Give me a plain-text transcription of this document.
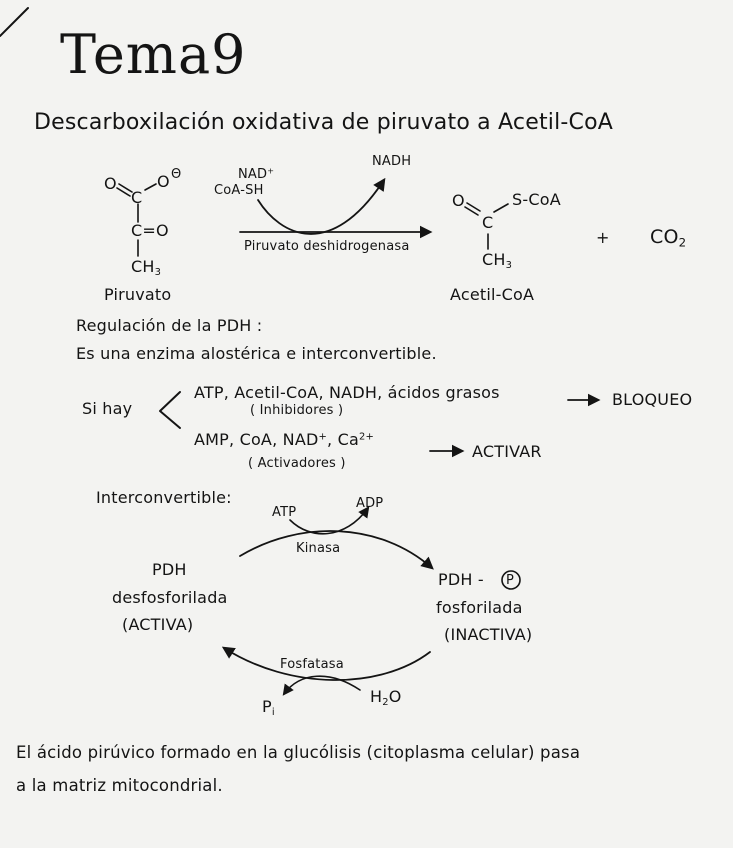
Tema9
Descarboxilación oxidativa de piruvato a Acetil-CoA
O
C
O Θ
C=O
$CH_3$
Piruvato
NAD+
CoA-SH
NADH
Piruvato deshidrogenasa
O
C
S-CoA
$CH_3$
Acetil-CoA
+ $CO_2$
Regulación de la PDH :
Es una enzima alostérica e interconvertible.
Si hay
ATP, Acetil-CoA, NADH, ácidos grasos
( Inhibidores )
BLOQUEO
AMP, CoA, NAD+, $Ca^{2+}$
( Activadores )
ACTIVAR
Interconvertible:
ATP
ADP
Kinasa
PDH
desfosforilada
(ACTIVA)
PDH - P
fosforilada
(INACTIVA)
Fosfatasa
$P_i$
$H_2O$
El ácido pirúvico formado en la glucólisis (citoplasma celular) pasa
a la matriz mitocondrial.
